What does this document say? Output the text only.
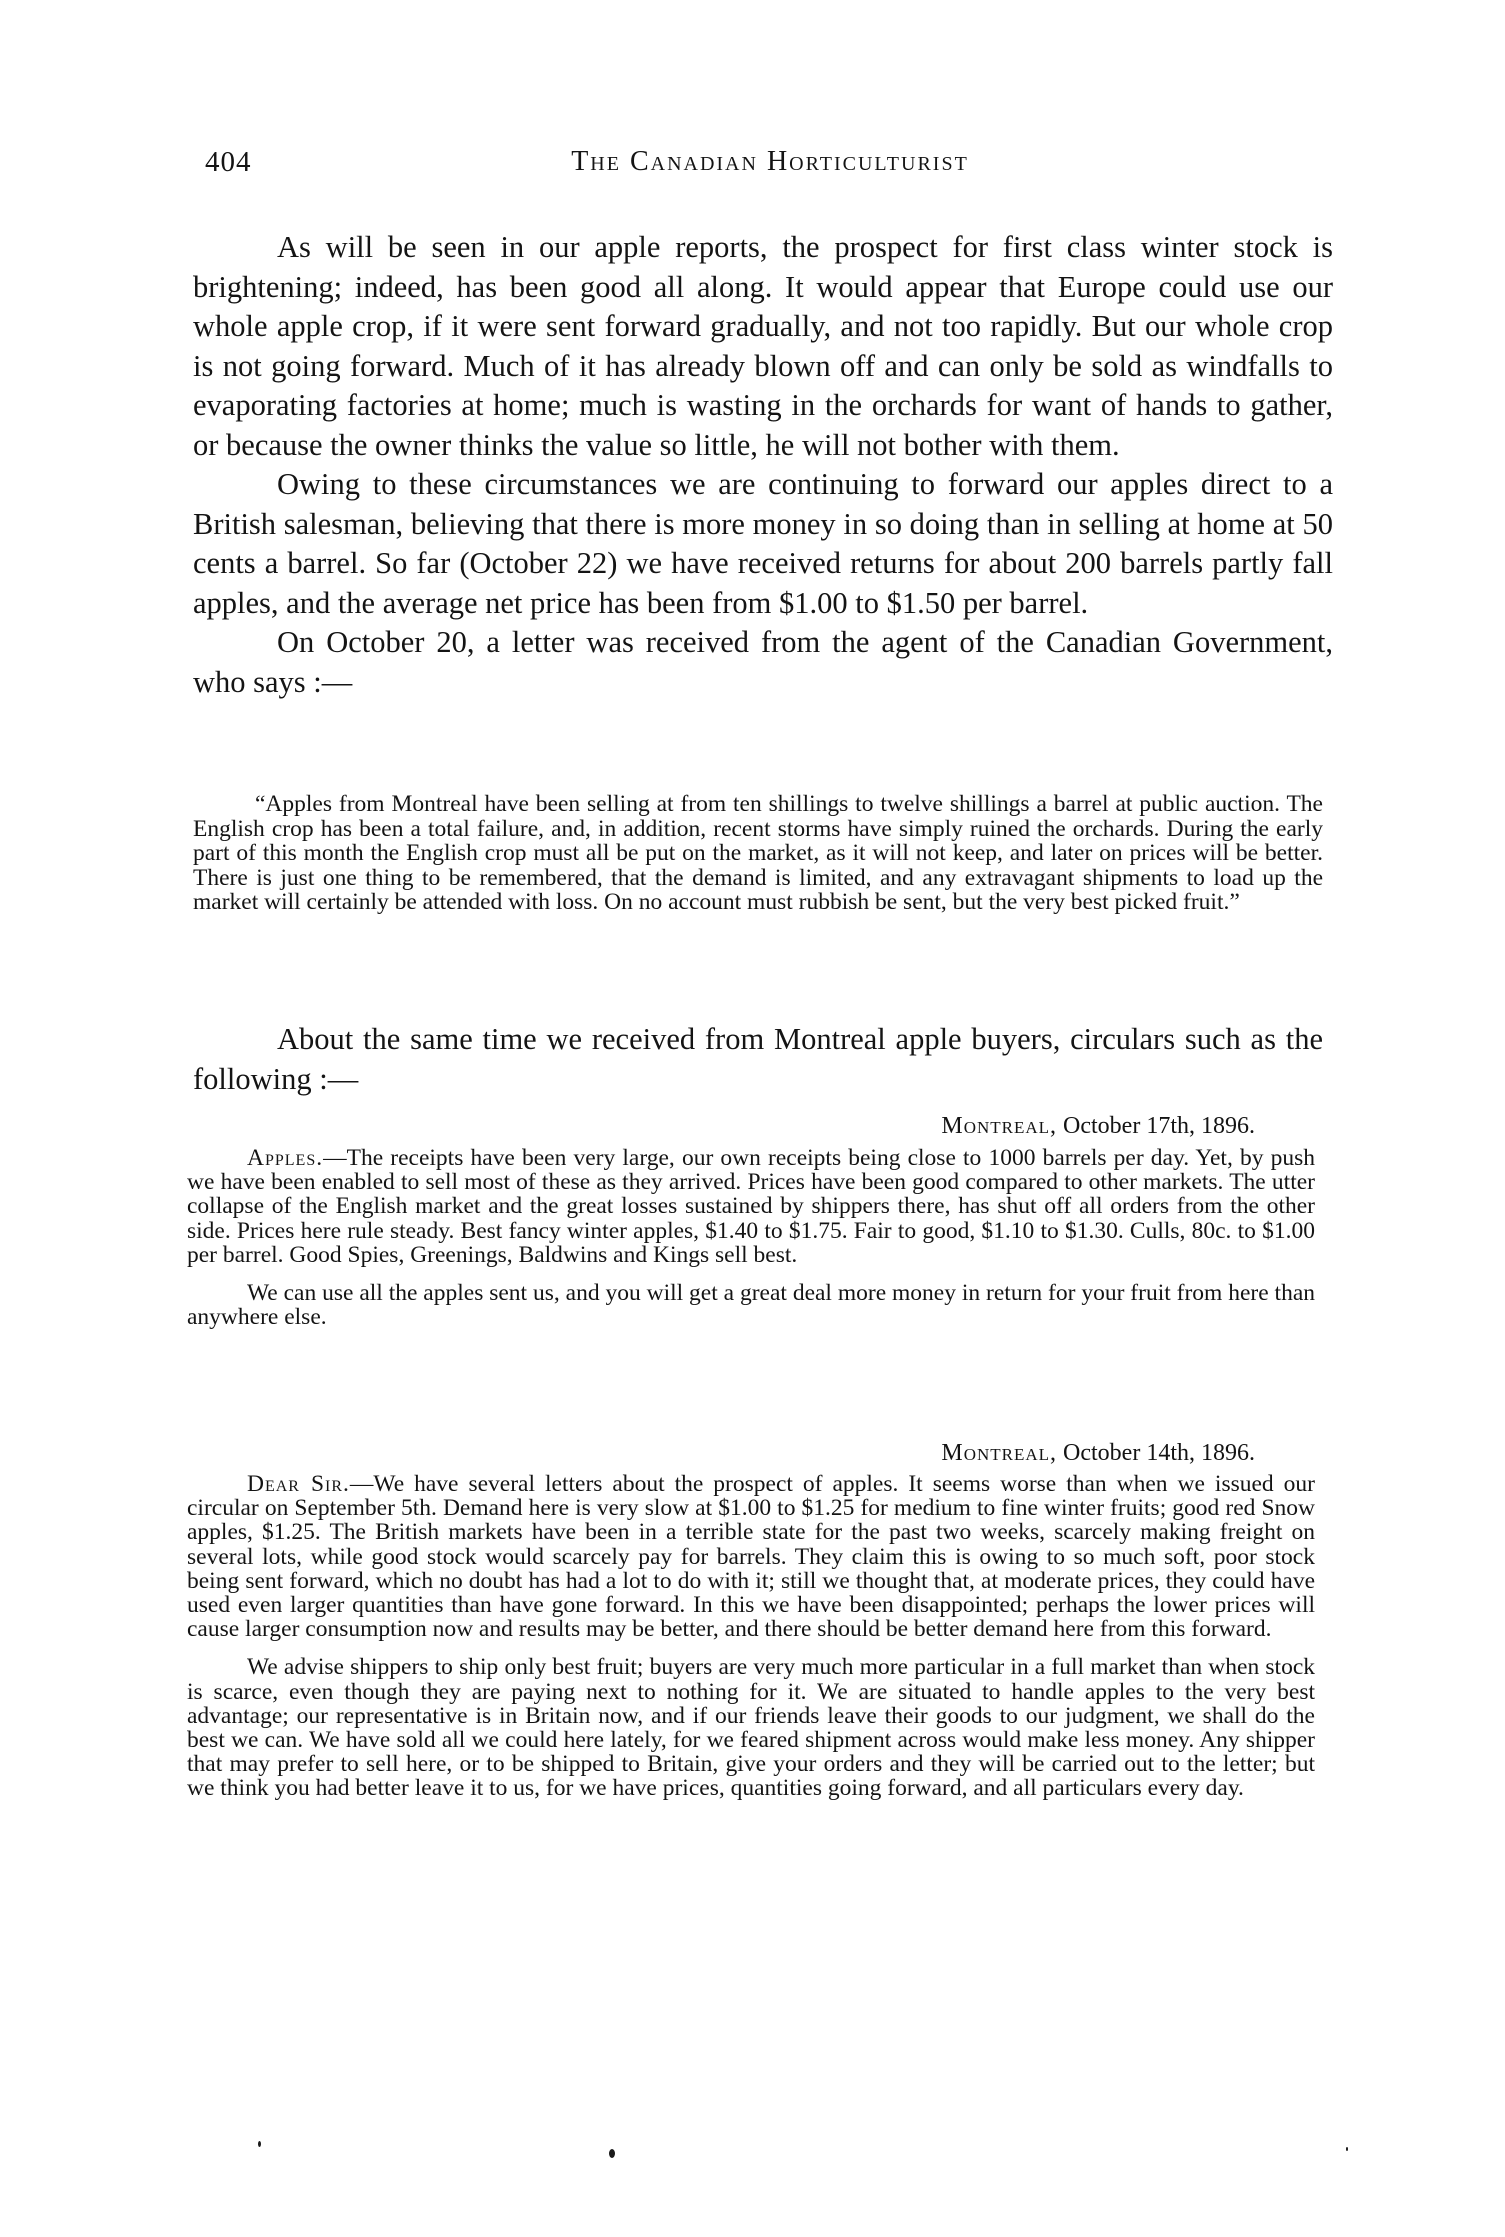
404	The Canadian Horticulturist

As will be seen in our apple reports, the prospect for first class winter stock is brightening; indeed, has been good all along. It would appear that Europe could use our whole apple crop, if it were sent forward gradually, and not too rapidly. But our whole crop is not going forward. Much of it has already blown off and can only be sold as windfalls to evaporating factories at home; much is wasting in the orchards for want of hands to gather, or because the owner thinks the value so little, he will not bother with them.

Owing to these circumstances we are continuing to forward our apples direct to a British salesman, believing that there is more money in so doing than in selling at home at 50 cents a barrel. So far (October 22) we have received returns for about 200 barrels partly fall apples, and the average net price has been from $1.00 to $1.50 per barrel.

On October 20, a letter was received from the agent of the Canadian Government, who says :—

“Apples from Montreal have been selling at from ten shillings to twelve shillings a barrel at public auction. The English crop has been a total failure, and, in addition, recent storms have simply ruined the orchards. During the early part of this month the English crop must all be put on the market, as it will not keep, and later on prices will be better. There is just one thing to be remembered, that the demand is limited, and any extravagant shipments to load up the market will certainly be attended with loss. On no account must rubbish be sent, but the very best picked fruit.”

About the same time we received from Montreal apple buyers, circulars such as the following :—

Montreal, October 17th, 1896.

Apples.—The receipts have been very large, our own receipts being close to 1000 barrels per day. Yet, by push we have been enabled to sell most of these as they arrived. Prices have been good compared to other markets. The utter collapse of the English market and the great losses sustained by shippers there, has shut off all orders from the other side. Prices here rule steady. Best fancy winter apples, $1.40 to $1.75. Fair to good, $1.10 to $1.30. Culls, 80c. to $1.00 per barrel. Good Spies, Greenings, Baldwins and Kings sell best.

We can use all the apples sent us, and you will get a great deal more money in return for your fruit from here than anywhere else.

Montreal, October 14th, 1896.

Dear Sir.—We have several letters about the prospect of apples. It seems worse than when we issued our circular on September 5th. Demand here is very slow at $1.00 to $1.25 for medium to fine winter fruits; good red Snow apples, $1.25. The British markets have been in a terrible state for the past two weeks, scarcely making freight on several lots, while good stock would scarcely pay for barrels. They claim this is owing to so much soft, poor stock being sent forward, which no doubt has had a lot to do with it; still we thought that, at moderate prices, they could have used even larger quantities than have gone forward. In this we have been disappointed; perhaps the lower prices will cause larger consumption now and results may be better, and there should be better demand here from this forward.

We advise shippers to ship only best fruit; buyers are very much more particular in a full market than when stock is scarce, even though they are paying next to nothing for it. We are situated to handle apples to the very best advantage; our representative is in Britain now, and if our friends leave their goods to our judgment, we shall do the best we can. We have sold all we could here lately, for we feared shipment across would make less money. Any shipper that may prefer to sell here, or to be shipped to Britain, give your orders and they will be carried out to the letter; but we think you had better leave it to us, for we have prices, quantities going forward, and all particulars every day.
